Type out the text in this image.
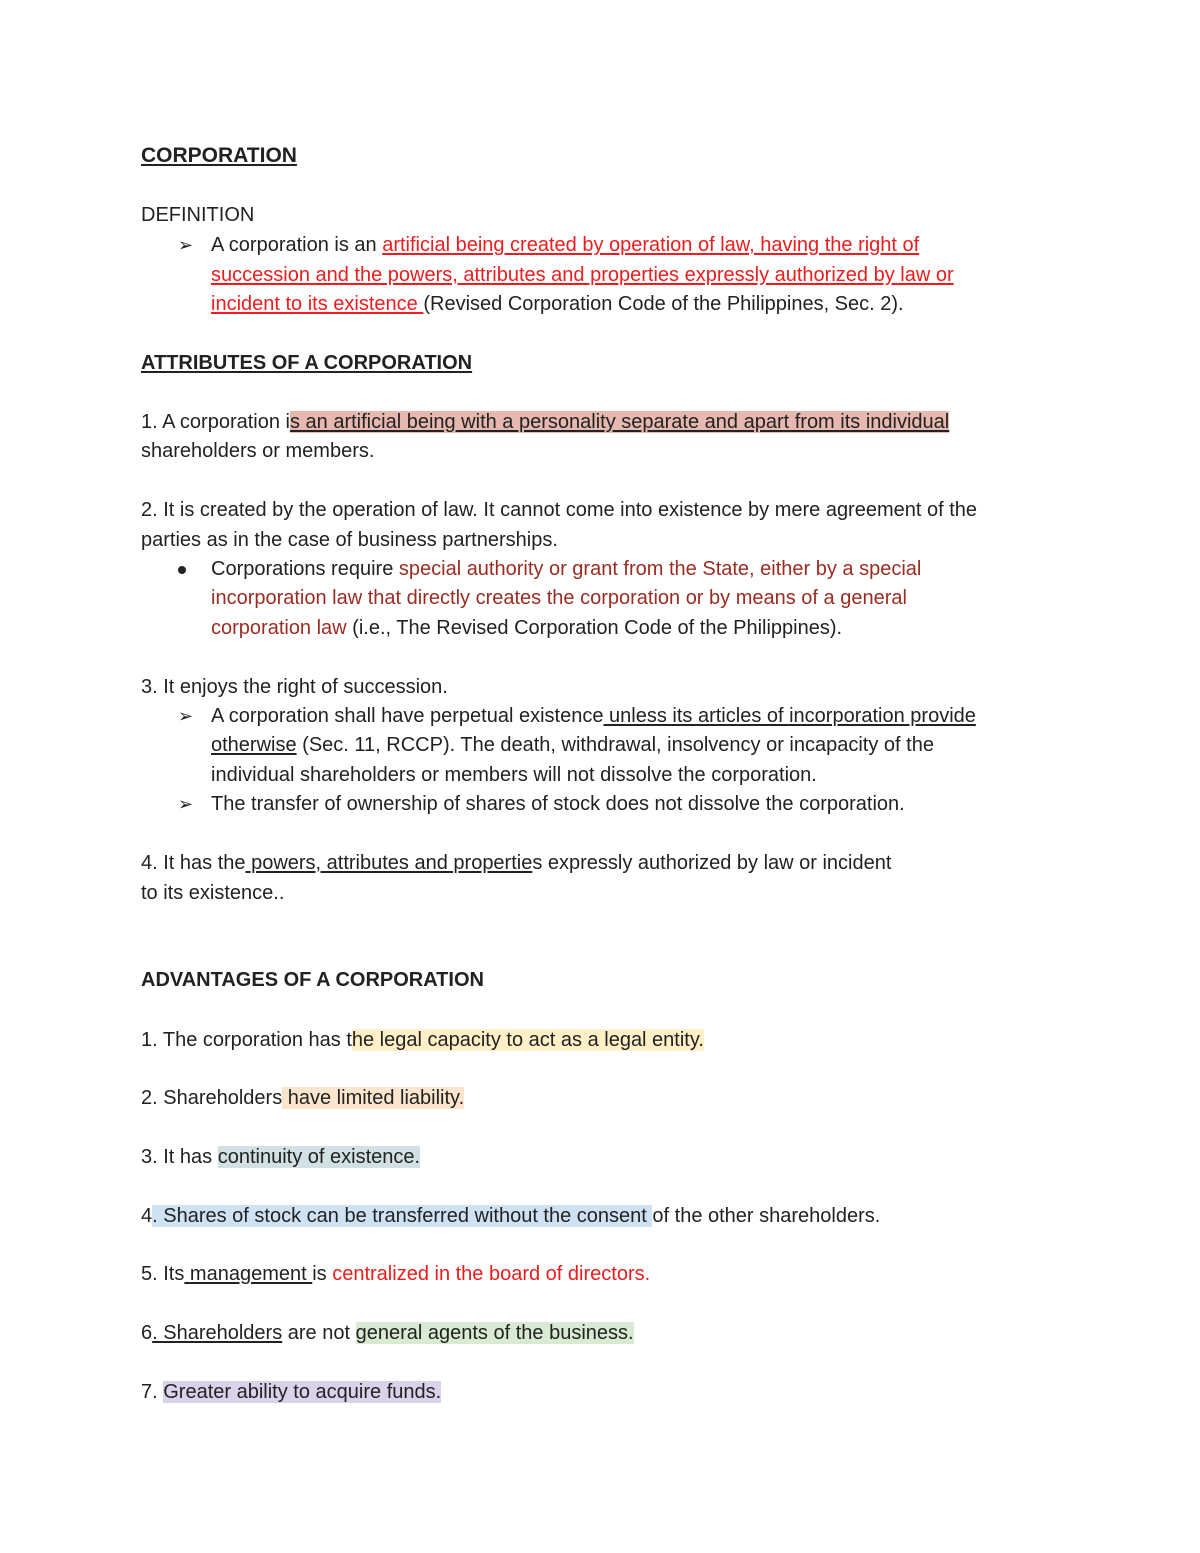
CORPORATION
DEFINITION
➢ A corporation is an artificial being created by operation of law, having the right of
succession and the powers, attributes and properties expressly authorized by law or
incident to its existence (Revised Corporation Code of the Philippines, Sec. 2).
ATTRIBUTES OF A CORPORATION
1. A corporation is an artificial being with a personality separate and apart from its individual
shareholders or members.
2. It is created by the operation of law. It cannot come into existence by mere agreement of the
parties as in the case of business partnerships.
Corporations require special authority or grant from the State, either by a special
incorporation law that directly creates the corporation or by means of a general
corporation law (i.e., The Revised Corporation Code of the Philippines).
3. It enjoys the right of succession.
➢ A corporation shall have perpetual existence unless its articles of incorporation provide
otherwise (Sec. 11, RCCP). The death, withdrawal, insolvency or incapacity of the
individual shareholders or members will not dissolve the corporation.
➢ The transfer of ownership of shares of stock does not dissolve the corporation.
4. It has the powers, attributes and properties expressly authorized by law or incident
to its existence..
ADVANTAGES OF A CORPORATION
1. The corporation has the legal capacity to act as a legal entity.
2. Shareholders have limited liability.
3. It has continuity of existence.
4. Shares of stock can be transferred without the consent of the other shareholders.
5. Its management is centralized in the board of directors.
6. Shareholders are not general agents of the business.
7. Greater ability to acquire funds.
